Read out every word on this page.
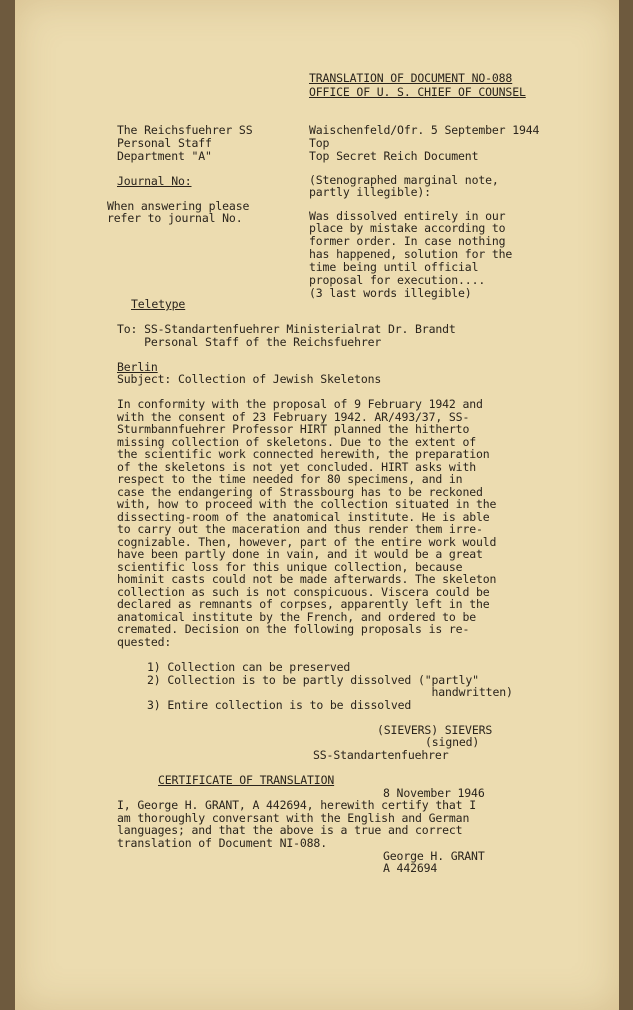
TRANSLATION OF DOCUMENT NO-088
OFFICE OF U. S. CHIEF OF COUNSEL
The Reichsfuehrer SS
Personal Staff
Department "A"
Journal No:
When answering please
refer to journal No.
Waischenfeld/Ofr. 5 September 1944
Top
Top Secret Reich Document
(Stenographed marginal note,
partly illegible):
Was dissolved entirely in our
place by mistake according to
former order. In case nothing
has happened, solution for the
time being until official
proposal for execution....
(3 last words illegible)
Teletype
To: SS-Standartenfuehrer Ministerialrat Dr. Brandt
Personal Staff of the Reichsfuehrer
Berlin
Subject: Collection of Jewish Skeletons
In conformity with the proposal of 9 February 1942 and
with the consent of 23 February 1942. AR/493/37, SS-
Sturmbannfuehrer Professor HIRT planned the hitherto
missing collection of skeletons. Due to the extent of
the scientific work connected herewith, the preparation
of the skeletons is not yet concluded. HIRT asks with
respect to the time needed for 80 specimens, and in
case the endangering of Strassbourg has to be reckoned
with, how to proceed with the collection situated in the
dissecting-room of the anatomical institute. He is able
to carry out the maceration and thus render them irre-
cognizable. Then, however, part of the entire work would
have been partly done in vain, and it would be a great
scientific loss for this unique collection, because
hominit casts could not be made afterwards. The skeleton
collection as such is not conspicuous. Viscera could be
declared as remnants of corpses, apparently left in the
anatomical institute by the French, and ordered to be
cremated. Decision on the following proposals is re-
quested:
1) Collection can be preserved
2) Collection is to be partly dissolved ("partly"
handwritten)
3) Entire collection is to be dissolved
(SIEVERS) SIEVERS
(signed)
SS-Standartenfuehrer
CERTIFICATE OF TRANSLATION
8 November 1946
I, George H. GRANT, A 442694, herewith certify that I
am thoroughly conversant with the English and German
languages; and that the above is a true and correct
translation of Document NI-088.
George H. GRANT
A 442694
